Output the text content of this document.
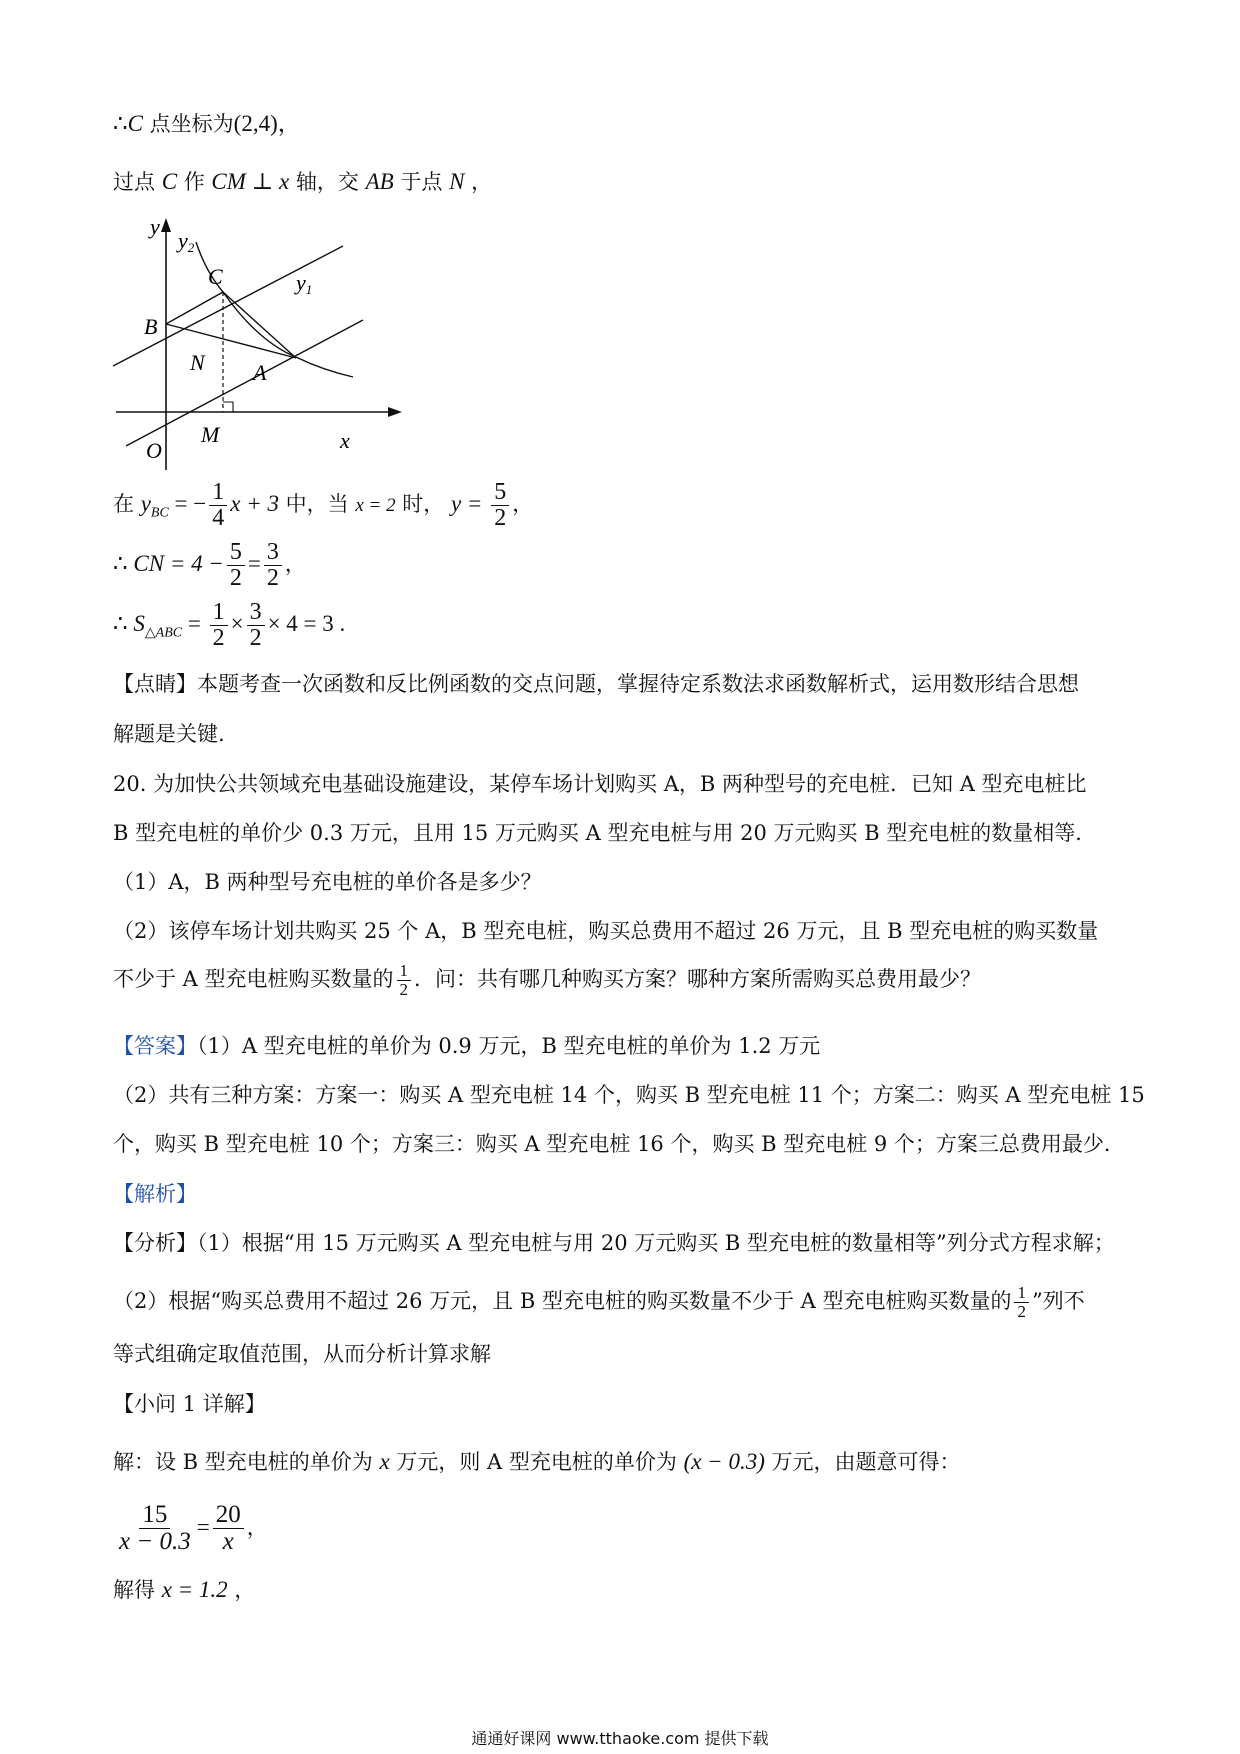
∴C 点坐标为(2,4)，
过点 C 作 CM ⊥ x 轴，交 AB 于点 N ，
y
x
O
B
C
N A
M
y1
y2
在 $y_{BC}$ = − $\frac{1}{4}$ x + 3 中，当 x = 2 时， $y = \frac{5}{2}$ ，
∴ CN = $4 - \frac{5}{2} = \frac{3}{2}$ ，
∴ $S_{\triangle ABC} = \frac{1}{2} \times \frac{3}{2} \times 4 = 3$ .
【点睛】本题考查一次函数和反比例函数的交点问题，掌握待定系数法求函数解析式，运用数形结合思想
解题是关键.
20. 为加快公共领域充电基础设施建设，某停车场计划购买 A，B 两种型号的充电桩．已知 A 型充电桩比
B 型充电桩的单价少 0.3 万元，且用 15 万元购买 A 型充电桩与用 20 万元购买 B 型充电桩的数量相等．
（1）A，B 两种型号充电桩的单价各是多少？
（2）该停车场计划共购买 25 个 A，B 型充电桩，购买总费用不超过 26 万元，且 B 型充电桩的购买数量
不少于 A 型充电桩购买数量的 $\frac{1}{2}$ ．问：共有哪几种购买方案？哪种方案所需购买总费用最少？
【答案】（1）A 型充电桩的单价为 0.9 万元，B 型充电桩的单价为 1.2 万元
（2）共有三种方案：方案一：购买 A 型充电桩 14 个，购买 B 型充电桩 11 个；方案二：购买 A 型充电桩 15
个，购买 B 型充电桩 10 个；方案三：购买 A 型充电桩 16 个，购买 B 型充电桩 9 个；方案三总费用最少．
【解析】
【分析】（1）根据“用 15 万元购买 A 型充电桩与用 20 万元购买 B 型充电桩的数量相等”列分式方程求解；
（2）根据“购买总费用不超过 26 万元，且 B 型充电桩的购买数量不少于 A 型充电桩购买数量的 $\frac{1}{2}$ ”列不
等式组确定取值范围，从而分析计算求解
【小问 1 详解】
解：设 B 型充电桩的单价为 x 万元，则 A 型充电桩的单价为 (x − 0.3) 万元，由题意可得：
$\frac{15}{x - 0.3} = \frac{20}{x}$ ，
解得 x = 1.2 ，
通通好课网 www.tthaoke.com 提供下载
